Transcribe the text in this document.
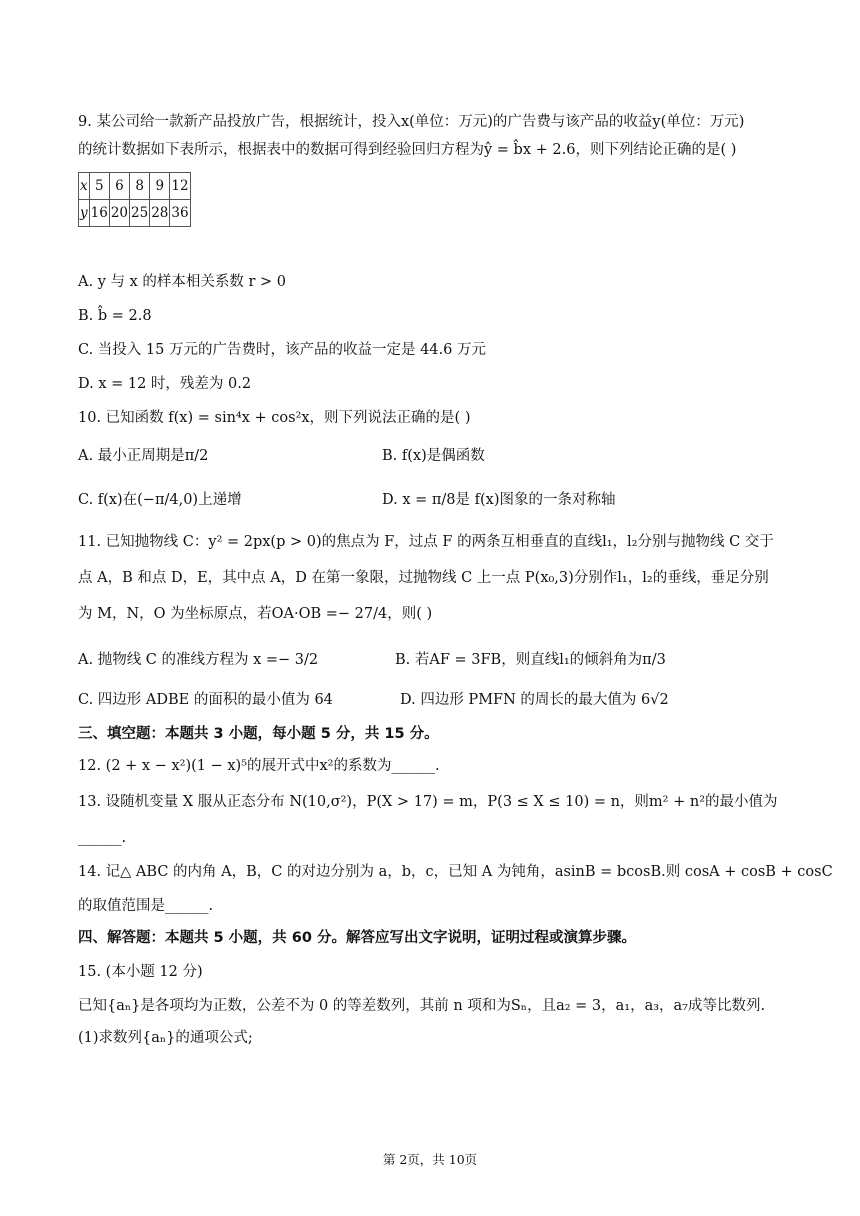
9. 某公司给一款新产品投放广告，根据统计，投入x(单位：万元)的广告费与该产品的收益y(单位：万元)
的统计数据如下表所示，根据表中的数据可得到经验回归方程为ŷ = b̂x + 2.6，则下列结论正确的是( )
x	5	6	8	9	12
y	16	20	25	28	36
A. y 与 x 的样本相关系数 r > 0
B. b̂ = 2.8
C. 当投入 15 万元的广告费时，该产品的收益一定是 44.6 万元
D. x = 12 时，残差为 0.2
10. 已知函数 f(x) = sin⁴x + cos²x，则下列说法正确的是( )
A. 最小正周期是π/2	B. f(x)是偶函数
C. f(x)在(−π/4,0)上递增	D. x = π/8是 f(x)图象的一条对称轴
11. 已知抛物线 C：y² = 2px(p > 0)的焦点为 F，过点 F 的两条互相垂直的直线l₁，l₂分别与抛物线 C 交于
点 A，B 和点 D，E，其中点 A，D 在第一象限，过抛物线 C 上一点 P(x₀,3)分别作l₁，l₂的垂线，垂足分别
为 M，N，O 为坐标原点，若OA·OB =− 27/4，则( )
A. 抛物线 C 的准线方程为 x =− 3/2	B. 若AF = 3FB，则直线l₁的倾斜角为π/3
C. 四边形 ADBE 的面积的最小值为 64	D. 四边形 PMFN 的周长的最大值为 6√2
三、填空题：本题共 3 小题，每小题 5 分，共 15 分。
12. (2 + x − x²)(1 − x)⁵的展开式中x²的系数为______.
13. 设随机变量 X 服从正态分布 N(10,σ²)，P(X > 17) = m，P(3 ≤ X ≤ 10) = n，则m² + n²的最小值为
______.
14. 记△ ABC 的内角 A，B，C 的对边分别为 a，b，c，已知 A 为钝角，asinB = bcosB.则 cosA + cosB + cosC
的取值范围是______.
四、解答题：本题共 5 小题，共 60 分。解答应写出文字说明，证明过程或演算步骤。
15. (本小题 12 分)
已知{aₙ}是各项均为正数，公差不为 0 的等差数列，其前 n 项和为Sₙ，且a₂ = 3，a₁，a₃，a₇成等比数列.
(1)求数列{aₙ}的通项公式;
第 2页，共 10页
